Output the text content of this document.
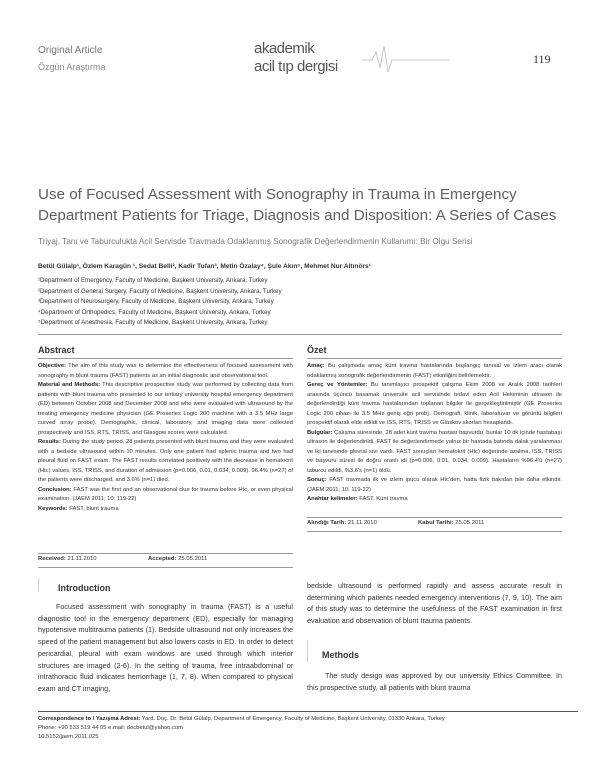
Original Article
Özgün Araştırma
akademik
acil tıp dergisi	119
Use of Focused Assessment with Sonography in Trauma in Emergency
Department Patients for Triage, Diagnosis and Disposition: A Series of Cases
Triyaj, Tanı ve Taburculukta Acil Servisde Travmada Odaklanmış Sonografik Değerlendirmenin Kullanımı: Bir Olgu Serisi
Betül Gülalp¹, Özlem Karagün ¹, Sedat Belli², Kadir Tufan³, Metin Özalay⁴, Şule Akın⁵, Mehmet Nur Altınörs¹
¹Department of Emergency, Faculty of Medicine, Başkent University, Ankara, Turkey
²Department of General Surgery, Faculty of Medicine, Başkent University, Ankara, Turkey
³Department of Neurosurgery, Faculty of Medicine, Başkent University, Ankara, Turkey
⁴Department of Orthopedics, Faculty of Medicine, Başkent University, Ankara, Turkey
⁵Department of Anesthesia, Faculty of Medicine, Başkent University, Ankara, Turkey
Abstract
Objective: The aim of this study was to determine the effectiveness of focused assessment with sonography in blunt trauma (FAST) patients as an initial diagnostic and observational tool.
Material and Methods: This descriptive prospective study was performed by collecting data from patients with blunt trauma who presented to our tertiary university hospital emergency department (ED) between October 2008 and December 2008 and who were evaluated with ultrasound by the treating emergency medicine physician (GE Proseries Logic 200 machine with a 3.5 MHz large curved array probe). Demographic, clinical, laboratory, and imaging data were collected prospectively and ISS, RTS, TRISS, and Glasgow scores were calculated.
Results: During the study period, 28 patients presented with blunt trauma and they were evaluated with a bedside ultrasound within 10 minutes. Only one patient had splenic trauma and two had pleural fluid on FAST exam. The FAST results correlated positively with the decrease in hematocrit (Htc) values, ISS, TRISS, and duration of admission (p=0.006, 0.01, 0.034, 0.009). 96.4% (n=27) of the patients were discharged, and 3.6% (n=1) died.
Conclusion: FAST was the first and an observational clue for trauma before Htc, or even physical examination. (JAEM 2011; 10: 119-22)
Keywords: FAST, blunt trauma
Received: 21.11.2010	Accepted: 25.05.2011
Özet
Amaç: Bu çalışmada amaç künt travma hastalarında başlangıç tanısal ve izlem aracı olarak odaklanmış sonografik değerlendirmenin (FAST) etkinliğini belirlemektir.
Gereç ve Yöntemler: Bu tanımlayıcı prospektif çalışma Ekim 2008 ve Aralık 2008 tarihleri arasında üçüncü basamak üniversite acil servisinde tedavi eden Acil Hekiminin ultrason ile değerlendirdiği künt travma hastalarından toplanan bilgiler ile gerçekleştirilmiştir (GE Proseries Logic 200 cihazı ile 3.5 MHz geniş eğri prob). Demografi, klinik, laboratuvar ve görüntü bilgileri prospektif olarak elde edildi ve ISS, RTS, TRISS ve Glaskov skorları hesaplandı.
Bulgular: Çalışma süresinde, 28 adet künt travma hastası başvurdu, bunlar 10 dk içinde hastabaşı ultrason ile değerlendirildi. FAST ile değerlendirmede yalnız bir hastada batında dalak yaralanması ve iki tanesinde plevral sıvı vardı. FAST sonuçları hematokrit (Htc) değerinde azalma, ISS, TRISS ve başvuru süresi ile doğru oranlı idi (p=0.006, 0.01, 0.034, 0.009). Hastaların %96.4'ü (n=27) taburcu edildi, %3.6's (n=1) öldü.
Sonuç: FAST travmada ilk ve izlem ipucu olarak Htc'den, hatta fizik bakıdan bile daha etkindir. (JAEM 2011; 10: 119-22)
Anahtar kelimeler: FAST, Künt travma
Alındığı Tarih: 21.11.2010	Kabul Tarihi: 25.05.2011
Introduction
Focused assessment with sonography in trauma (FAST) is a useful diagnostic tool in the emergency department (ED), especially for managing hypotensive multitrauma patients (1). Bedside ultrasound not only increases the speed of the patient management but also lowers costs in ED. In order to detect pericardial, pleural with exam windows are used through which interior structures are imaged (2-6). In the setting of trauma, free intraabdominal or intrathoracic fluid indicates hemorrhage (1, 7, 8). When compared to physical exam and CT imaging,
bedside ultrasound is performed rapidly and assess accurate result in determining which patients needed emergency interventions (7, 9, 10). The aim of this study was to determine the usefulness of the FAST examination in first evaluation and observation of blunt trauma patients.
Methods
The study design was approved by our university Ethics Committee. In this prospective study, all patients with blunt trauma
Correspondence to / Yazışma Adresi: Yard. Doç. Dr. Betül Gülalp, Department of Emergency, Faculty of Medicine, Başkent University, 01330 Ankara, Turkey
Phone: +90 533 519 44 05 e.mail: docbetul@yahoo.com
10.5152/jaem.2011.025
